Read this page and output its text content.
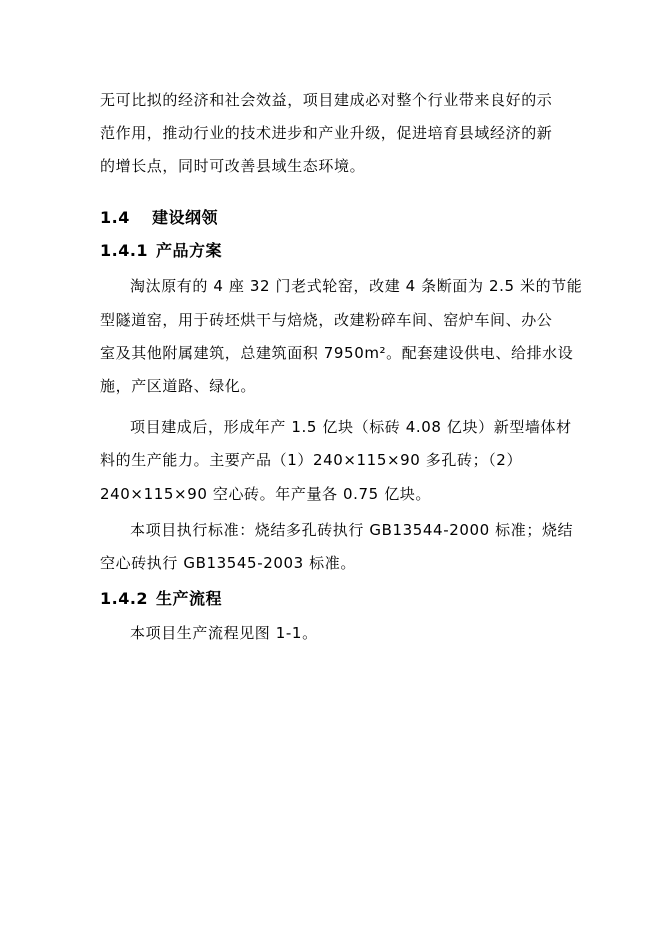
无可比拟的经济和社会效益，项目建成必对整个行业带来良好的示
范作用，推动行业的技术进步和产业升级，促进培育县域经济的新
的增长点，同时可改善县域生态环境。
1.4 建设纲领
1.4.1 产品方案
淘汰原有的 4 座 32 门老式轮窑，改建 4 条断面为 2.5 米的节能
型隧道窑，用于砖坯烘干与焙烧，改建粉碎车间、窑炉车间、办公
室及其他附属建筑，总建筑面积 7950m²。配套建设供电、给排水设
施，产区道路、绿化。
项目建成后，形成年产 1.5 亿块（标砖 4.08 亿块）新型墙体材
料的生产能力。主要产品（1）240×115×90 多孔砖；（2）
240×115×90 空心砖。年产量各 0.75 亿块。
本项目执行标准：烧结多孔砖执行 GB13544-2000 标准；烧结
空心砖执行 GB13545-2003 标准。
1.4.2 生产流程
本项目生产流程见图 1-1。
